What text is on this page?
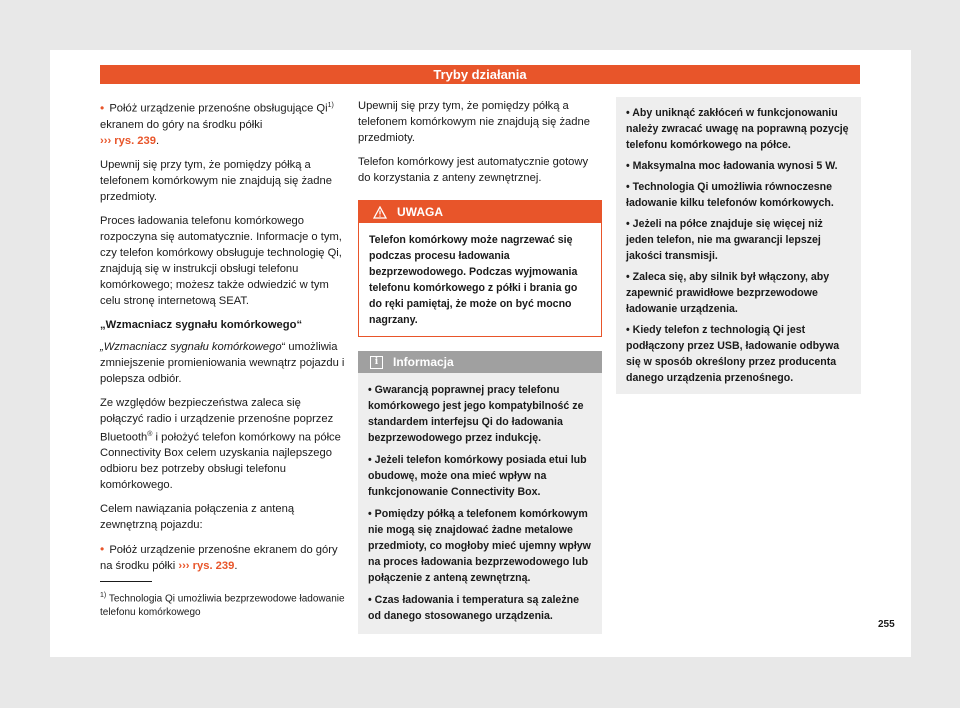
Tryby działania

• Połóż urządzenie przenośne obsługujące Qi$^{1)}$ ekranem do góry na środku półki
››› rys. 239.

Upewnij się przy tym, że pomiędzy półką a telefonem komórkowym nie znajdują się żadne przedmioty.

Proces ładowania telefonu komórkowego rozpoczyna się automatycznie. Informacje o tym, czy telefon komórkowy obsługuje technologię Qi, znajdują się w instrukcji obsługi telefonu komórkowego; możesz także odwiedzić w tym celu stronę internetową SEAT.

„Wzmacniacz sygnału komórkowego“

„Wzmacniacz sygnału komórkowego“ umożliwia zmniejszenie promieniowania wewnątrz pojazdu i polepsza odbiór.

Ze względów bezpieczeństwa zaleca się połączyć radio i urządzenie przenośne poprzez Bluetooth® i położyć telefon komórkowy na półce Connectivity Box celem uzyskania najlepszego odbioru bez potrzeby obsługi telefonu komórkowego.

Celem nawiązania połączenia z anteną zewnętrzną pojazdu:

• Połóż urządzenie przenośne ekranem do góry na środku półki ››› rys. 239.

Upewnij się przy tym, że pomiędzy półką a telefonem komórkowym nie znajdują się żadne przedmioty.

Telefon komórkowy jest automatycznie gotowy do korzystania z anteny zewnętrznej.

UWAGA

Telefon komórkowy może nagrzewać się podczas procesu ładowania bezprzewodowego. Podczas wyjmowania telefonu komórkowego z półki i brania go do ręki pamiętaj, że może on być mocno nagrzany.

i	Informacja

• Gwarancją poprawnej pracy telefonu komórkowego jest jego kompatybilność ze standardem interfejsu Qi do ładowania bezprzewodowego przez indukcję.

• Jeżeli telefon komórkowy posiada etui lub obudowę, może ona mieć wpływ na funkcjonowanie Connectivity Box.

• Pomiędzy półką a telefonem komórkowym nie mogą się znajdować żadne metalowe przedmioty, co mogłoby mieć ujemny wpływ na proces ładowania bezprzewodowego lub połączenie z anteną zewnętrzną.

• Czas ładowania i temperatura są zależne od danego stosowanego urządzenia.

• Aby uniknąć zakłóceń w funkcjonowaniu należy zwracać uwagę na poprawną pozycję telefonu komórkowego na półce.

• Maksymalna moc ładowania wynosi 5 W.

• Technologia Qi umożliwia równoczesne ładowanie kilku telefonów komórkowych.

• Jeżeli na półce znajduje się więcej niż jeden telefon, nie ma gwarancji lepszej jakości transmisji.

• Zaleca się, aby silnik był włączony, aby zapewnić prawidłowe bezprzewodowe ładowanie urządzenia.

• Kiedy telefon z technologią Qi jest podłączony przez USB, ładowanie odbywa się w sposób określony przez producenta danego urządzenia przenośnego.

$^{1)}$ Technologia Qi umożliwia bezprzewodowe ładowanie telefonu komórkowego
255
